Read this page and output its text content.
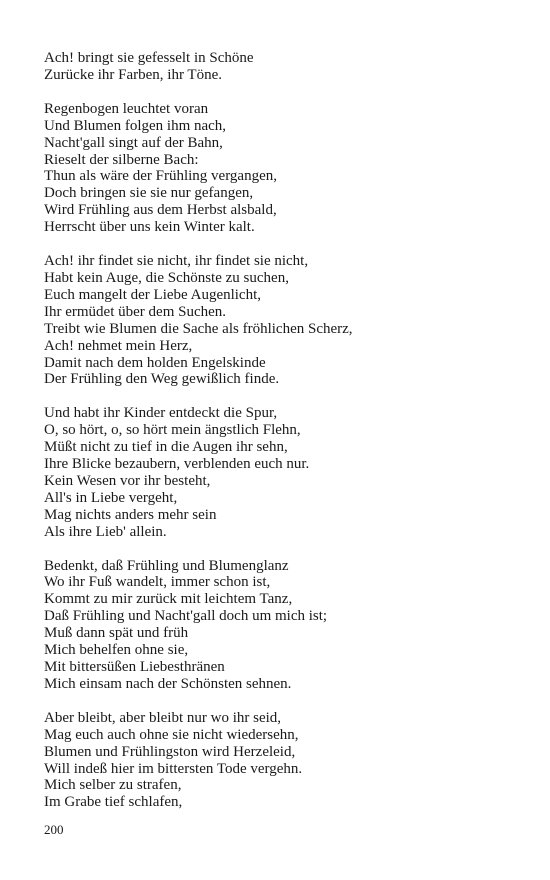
Ach! bringt sie gefesselt in Schöne
Zurücke ihr Farben, ihr Töne.
Regenbogen leuchtet voran
Und Blumen folgen ihm nach,
Nacht'gall singt auf der Bahn,
Rieselt der silberne Bach:
Thun als wäre der Frühling vergangen,
Doch bringen sie sie nur gefangen,
Wird Frühling aus dem Herbst alsbald,
Herrscht über uns kein Winter kalt.
Ach! ihr findet sie nicht, ihr findet sie nicht,
Habt kein Auge, die Schönste zu suchen,
Euch mangelt der Liebe Augenlicht,
Ihr ermüdet über dem Suchen.
Treibt wie Blumen die Sache als fröhlichen Scherz,
Ach! nehmet mein Herz,
Damit nach dem holden Engelskinde
Der Frühling den Weg gewißlich finde.
Und habt ihr Kinder entdeckt die Spur,
O, so hört, o, so hört mein ängstlich Flehn,
Müßt nicht zu tief in die Augen ihr sehn,
Ihre Blicke bezaubern, verblenden euch nur.
Kein Wesen vor ihr besteht,
All's in Liebe vergeht,
Mag nichts anders mehr sein
Als ihre Lieb' allein.
Bedenkt, daß Frühling und Blumenglanz
Wo ihr Fuß wandelt, immer schon ist,
Kommt zu mir zurück mit leichtem Tanz,
Daß Frühling und Nacht'gall doch um mich ist;
Muß dann spät und früh
Mich behelfen ohne sie,
Mit bittersüßen Liebesthränen
Mich einsam nach der Schönsten sehnen.
Aber bleibt, aber bleibt nur wo ihr seid,
Mag euch auch ohne sie nicht wiedersehn,
Blumen und Frühlingston wird Herzeleid,
Will indeß hier im bittersten Tode vergehn.
Mich selber zu strafen,
Im Grabe tief schlafen,
200
